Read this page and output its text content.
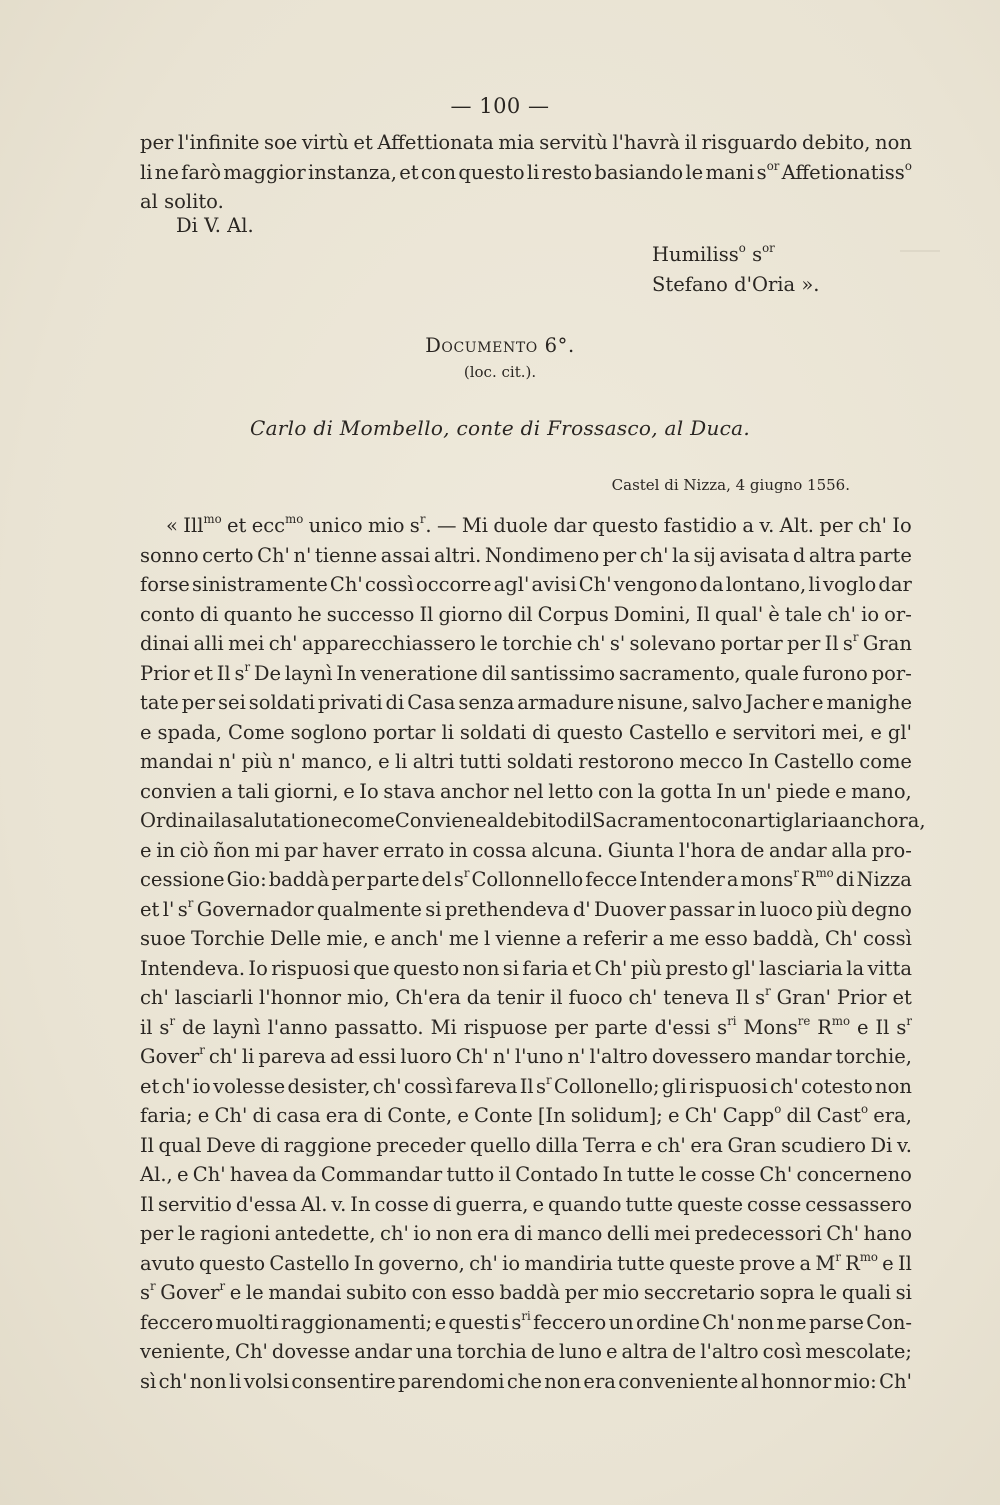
— 100 —
per l'infinite soe virtù et Affettionata mia servitù l'havrà il risguardo debito, non
li ne farò maggior instanza, et con questo li resto basiando le mani $s^{or}$ Affetionatiss$^o$
al solito.
Di V. Al.
Humiliss$^o$ $s^{or}$
Stefano d'Oria ».
Documento 6°.
(loc. cit.).
Carlo di Mombello, conte di Frossasco, al Duca.
Castel di Nizza, 4 giugno 1556.
« Ill$^{mo}$ et ecc$^{mo}$ unico mio $s^r$. — Mi duole dar questo fastidio a v. Alt. per ch' Io
sonno certo Ch' n' tienne assai altri. Nondimeno per ch' la sij avisata d altra parte
forse sinistramente Ch' cossì occorre agl' avisi Ch' vengono da lontano, li voglo dar
conto di quanto he successo Il giorno dil Corpus Domini, Il qual' è tale ch' io or-
dinai alli mei ch' apparecchiassero le torchie ch' s' solevano portar per Il $s^r$ Gran
Prior et Il $s^r$ De laynì In veneratione dil santissimo sacramento, quale furono por-
tate per sei soldati privati di Casa senza armadure nisune, salvo Jacher e manighe
e spada, Come soglono portar li soldati di questo Castello e servitori mei, e gl'
mandai n' più n' manco, e li altri tutti soldati restorono mecco In Castello come
convien a tali giorni, e Io stava anchor nel letto con la gotta In un' piede e mano,
Ordinai la salutatione come Conviene al debito dil Sacramento con artiglaria anchora,
e in ciò ñon mi par haver errato in cossa alcuna. Giunta l'hora de andar alla pro-
cessione Gio: baddà per parte del $s^r$ Collonnello fecce Intender a mons$^r$ $R^{mo}$ di Nizza
et l' $s^r$ Governador qualmente si prethendeva d' Duover passar in luoco più degno
suoe Torchie Delle mie, e anch' me l vienne a referir a me esso baddà, Ch' cossì
Intendeva. Io rispuosi que questo non si faria et Ch' più presto gl' lasciaria la vitta
ch' lasciarli l'honnor mio, Ch'era da tenir il fuoco ch' teneva Il $s^r$ Gran' Prior et
il $s^r$ de laynì l'anno passatto. Mi rispuose per parte d'essi $s^{ri}$ Mons$^{re}$ $R^{mo}$ e Il $s^r$
Gover$^r$ ch' li pareva ad essi luoro Ch' n' l'uno n' l'altro dovessero mandar torchie,
et ch' io volesse desister, ch' cossì fareva Il $s^r$ Collonello; gli rispuosi ch' cotesto non
faria; e Ch' di casa era di Conte, e Conte [In solidum]; e Ch' Capp$^o$ dil Cast$^o$ era,
Il qual Deve di raggione preceder quello dilla Terra e ch' era Gran scudiero Di v.
Al., e Ch' havea da Commandar tutto il Contado In tutte le cosse Ch' concerneno
Il servitio d'essa Al. v. In cosse di guerra, e quando tutte queste cosse cessassero
per le ragioni antedette, ch' io non era di manco delli mei predecessori Ch' hano
avuto questo Castello In governo, ch' io mandiria tutte queste prove a $M^r$ $R^{mo}$ e Il
$s^r$ Gover$^r$ e le mandai subito con esso baddà per mio seccretario sopra le quali si
feccero muolti raggionamenti; e questi $s^{ri}$ feccero un ordine Ch' non me parse Con-
veniente, Ch' dovesse andar una torchia de luno e altra de l'altro così mescolate;
sì ch' non li volsi consentire parendomi che non era conveniente al honnor mio: Ch'
